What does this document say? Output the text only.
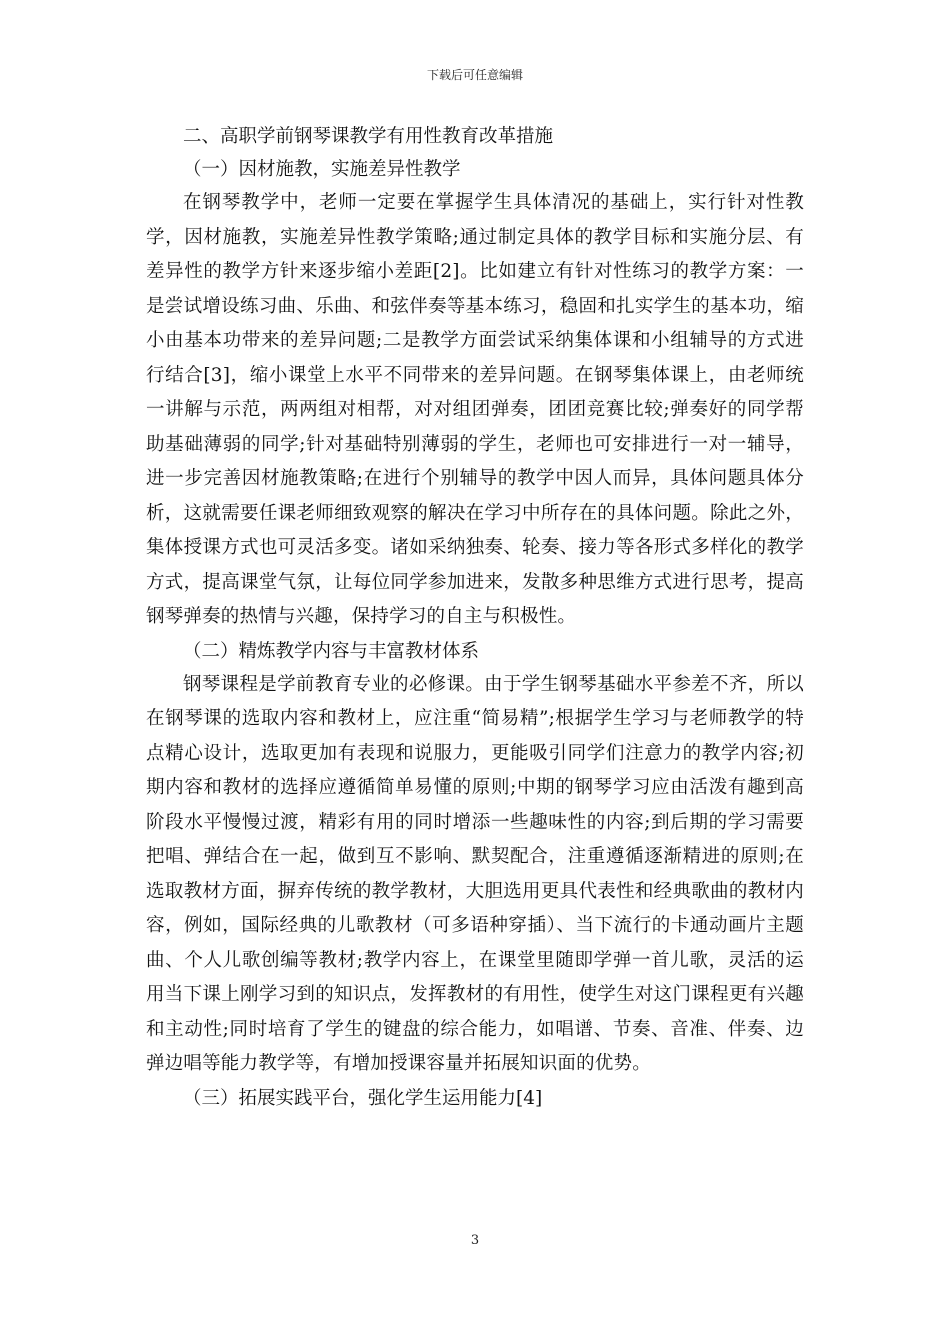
下载后可任意编辑

二、高职学前钢琴课教学有用性教育改革措施

（一）因材施教，实施差异性教学

在钢琴教学中，老师一定要在掌握学生具体清况的基础上，实行针对性教学，因材施教，实施差异性教学策略;通过制定具体的教学目标和实施分层、有差异性的教学方针来逐步缩小差距[2]。比如建立有针对性练习的教学方案：一是尝试增设练习曲、乐曲、和弦伴奏等基本练习，稳固和扎实学生的基本功，缩小由基本功带来的差异问题;二是教学方面尝试采纳集体课和小组辅导的方式进行结合[3]，缩小课堂上水平不同带来的差异问题。在钢琴集体课上，由老师统一讲解与示范，两两组对相帮，对对组团弹奏，团团竞赛比较;弹奏好的同学帮助基础薄弱的同学;针对基础特别薄弱的学生，老师也可安排进行一对一辅导，进一步完善因材施教策略;在进行个别辅导的教学中因人而异，具体问题具体分析，这就需要任课老师细致观察的解决在学习中所存在的具体问题。除此之外，集体授课方式也可灵活多变。诸如采纳独奏、轮奏、接力等各形式多样化的教学方式，提高课堂气氛，让每位同学参加进来，发散多种思维方式进行思考，提高钢琴弹奏的热情与兴趣，保持学习的自主与积极性。

（二）精炼教学内容与丰富教材体系

钢琴课程是学前教育专业的必修课。由于学生钢琴基础水平参差不齐，所以在钢琴课的选取内容和教材上，应注重“简易精”;根据学生学习与老师教学的特点精心设计，选取更加有表现和说服力，更能吸引同学们注意力的教学内容;初期内容和教材的选择应遵循简单易懂的原则;中期的钢琴学习应由活泼有趣到高阶段水平慢慢过渡，精彩有用的同时增添一些趣味性的内容;到后期的学习需要把唱、弹结合在一起，做到互不影响、默契配合，注重遵循逐渐精进的原则;在选取教材方面，摒弃传统的教学教材，大胆选用更具代表性和经典歌曲的教材内容，例如，国际经典的儿歌教材（可多语种穿插）、当下流行的卡通动画片主题曲、个人儿歌创编等教材;教学内容上，在课堂里随即学弹一首儿歌，灵活的运用当下课上刚学习到的知识点，发挥教材的有用性，使学生对这门课程更有兴趣和主动性;同时培育了学生的键盘的综合能力，如唱谱、节奏、音准、伴奏、边弹边唱等能力教学等，有增加授课容量并拓展知识面的优势。

（三）拓展实践平台，强化学生运用能力[4]

3
